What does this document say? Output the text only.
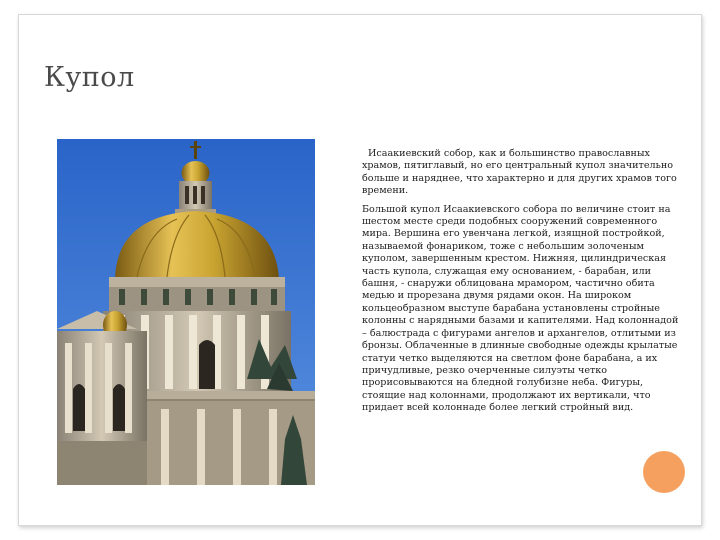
Купол

Исаакиевский собор, как и большинство православных храмов, пятиглавый, но его центральный купол значительно больше и наряднее, что характерно и для других храмов того времени.

Большой купол Исаакиевского собора по величине стоит на шестом месте среди подобных сооружений современного мира. Вершина его увенчана легкой, изящной постройкой, называемой фонариком, тоже с небольшим золоченым куполом, завершенным крестом. Нижняя, цилиндрическая часть купола, служащая ему основанием, - барабан, или башня, - снаружи облицована мрамором, частично обита медью и прорезана двумя рядами окон. На широком кольцеобразном выступе барабана установлены стройные колонны с нарядными базами и капителями. Над колоннадой – балюстрада с фигурами ангелов и архангелов, отлитыми из бронзы. Облаченные в длинные свободные одежды крылатые статуи четко выделяются на светлом фоне барабана, а их причудливые, резко очерченные силуэты четко прорисовываются на бледной голубизне неба. Фигуры, стоящие над колоннами, продолжают их вертикали, что придает всей колоннаде более легкий стройный вид.
